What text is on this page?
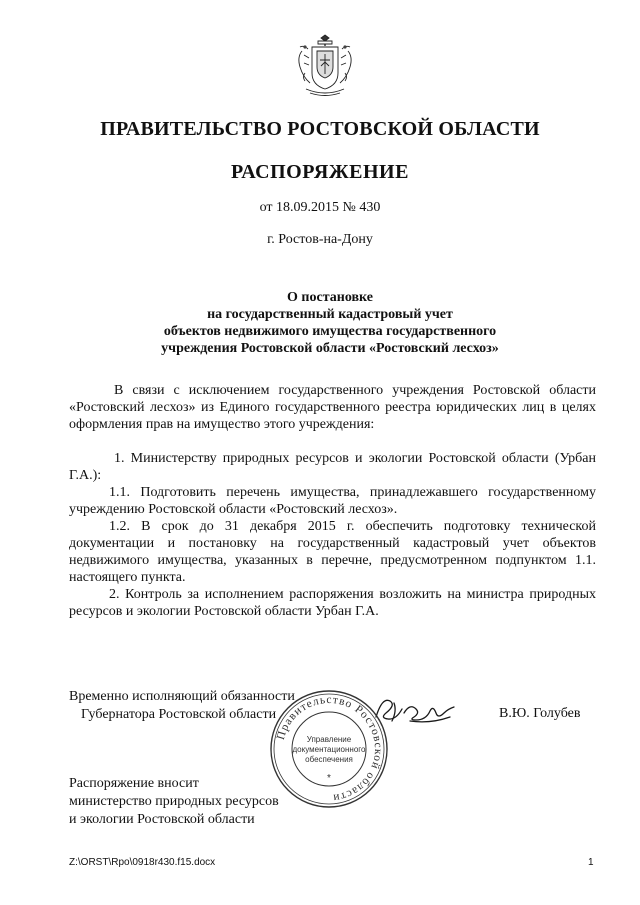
ПРАВИТЕЛЬСТВО РОСТОВСКОЙ ОБЛАСТИ
РАСПОРЯЖЕНИЕ
от 18.09.2015 № 430
г. Ростов-на-Дону
О постановке
на государственный кадастровый учет
объектов недвижимого имущества государственного
учреждения Ростовской области «Ростовский лесхоз»

В связи с исключением государственного учреждения Ростовской области «Ростовский лесхоз» из Единого государственного реестра юридических лиц в целях оформления прав на имущество этого учреждения:

1. Министерству природных ресурсов и экологии Ростовской области (Урбан Г.А.):

1.1. Подготовить перечень имущества, принадлежавшего государственному учреждению Ростовской области «Ростовский лесхоз».

1.2. В срок до 31 декабря 2015 г. обеспечить подготовку технической документации и постановку на государственный кадастровый учет объектов недвижимого имущества, указанных в перечне, предусмотренном подпунктом 1.1. настоящего пункта.

2. Контроль за исполнением распоряжения возложить на министра природных ресурсов и экологии Ростовской области Урбан Г.А.

Временно исполняющий обязанности
Губернатора Ростовской области	В.Ю. Голубев
Правительство Ростовской области
Управление
документационного
обеспечения
*
Распоряжение вносит
министерство природных ресурсов
и экологии Ростовской области
Z:\ORST\Rpo\0918r430.f15.docx	1
